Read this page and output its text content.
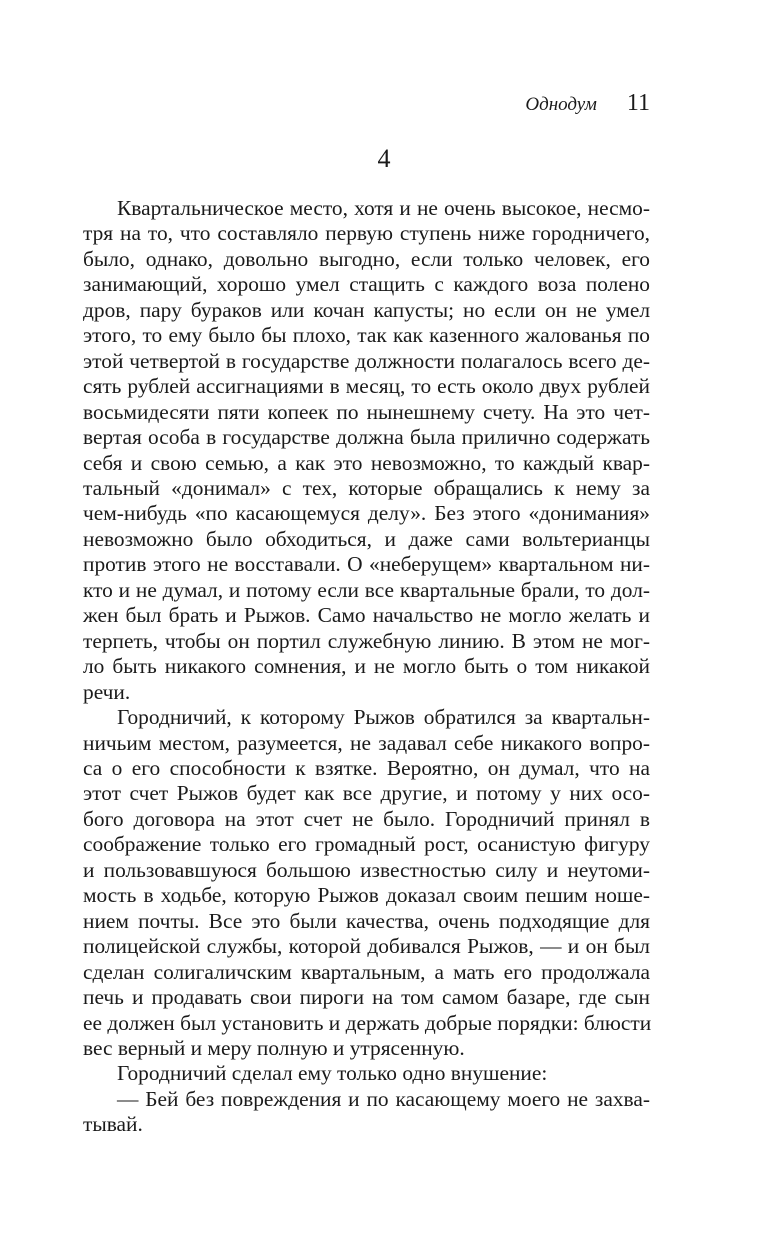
Однодум 11
4
Квартальническое место, хотя и не очень высокое, несмо-
тря на то, что составляло первую ступень ниже городничего,
было, однако, довольно выгодно, если только человек, его
занимающий, хорошо умел стащить с каждого воза полено
дров, пару бураков или кочан капусты; но если он не умел
этого, то ему было бы плохо, так как казенного жалованья по
этой четвертой в государстве должности полагалось всего де-
сять рублей ассигнациями в месяц, то есть около двух рублей
восьмидесяти пяти копеек по нынешнему счету. На это чет-
вертая особа в государстве должна была прилично содержать
себя и свою семью, а как это невозможно, то каждый квар-
тальный «донимал» с тех, которые обращались к нему за
чем-нибудь «по касающемуся делу». Без этого «донимания»
невозможно было обходиться, и даже сами вольтерианцы
против этого не восставали. О «неберущем» квартальном ни-
кто и не думал, и потому если все квартальные брали, то дол-
жен был брать и Рыжов. Само начальство не могло желать и
терпеть, чтобы он портил служебную линию. В этом не мог-
ло быть никакого сомнения, и не могло быть о том никакой
речи.
Городничий, к которому Рыжов обратился за квартальн-
ничьим местом, разумеется, не задавал себе никакого вопро-
са о его способности к взятке. Вероятно, он думал, что на
этот счет Рыжов будет как все другие, и потому у них осо-
бого договора на этот счет не было. Городничий принял в
соображение только его громадный рост, осанистую фигуру
и пользовавшуюся большою известностью силу и неутоми-
мость в ходьбе, которую Рыжов доказал своим пешим ноше-
нием почты. Все это были качества, очень подходящие для
полицейской службы, которой добивался Рыжов, — и он был
сделан солигаличским квартальным, а мать его продолжала
печь и продавать свои пироги на том самом базаре, где сын
ее должен был установить и держать добрые порядки: блюсти
вес верный и меру полную и утрясенную.
Городничий сделал ему только одно внушение:
— Бей без повреждения и по касающему моего не захва-
тывай.
